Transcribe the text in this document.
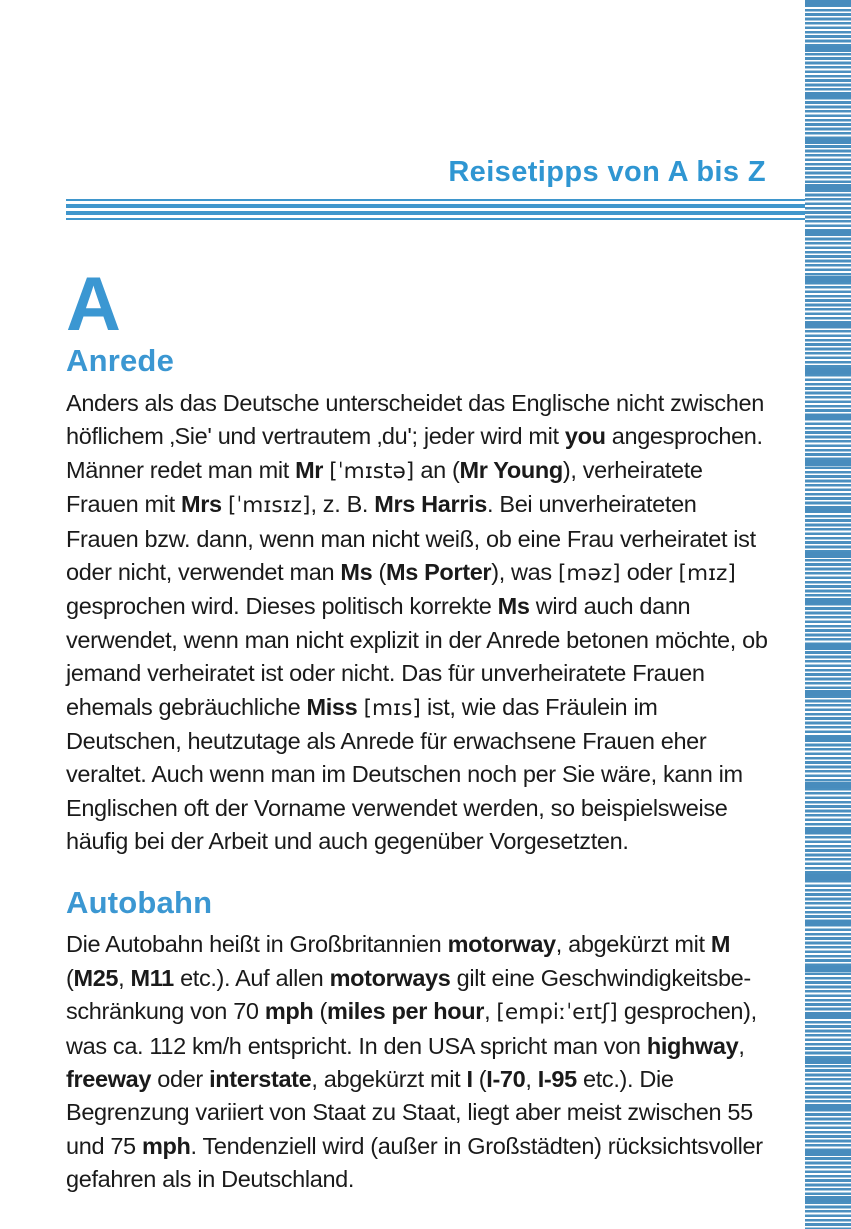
Reisetipps von A bis Z
A
Anrede

Anders als das Deutsche unterscheidet das Englische nicht zwischen höflichem ‚Sie' und vertrautem ‚du'; jeder wird mit you angesprochen. Männer redet man mit Mr [ˈmɪstə] an (Mr Young), verheiratete Frauen mit Mrs [ˈmɪsɪz], z. B. Mrs Harris. Bei unverheirateten Frauen bzw. dann, wenn man nicht weiß, ob eine Frau verheiratet ist oder nicht, verwendet man Ms (Ms Porter), was [məz] oder [mɪz] gesprochen wird. Dieses politisch korrekte Ms wird auch dann verwendet, wenn man nicht explizit in der Anrede betonen möchte, ob jemand verheiratet ist oder nicht. Das für unverheiratete Frauen ehemals gebräuchliche Miss [mɪs] ist, wie das Fräulein im Deutschen, heutzutage als Anrede für erwachsene Frauen eher veraltet. Auch wenn man im Deutschen noch per Sie wäre, kann im Englischen oft der Vorname verwendet werden, so beispielsweise häufig bei der Arbeit und auch gegenüber Vorgesetzten.

Autobahn

Die Autobahn heißt in Großbritannien motorway, abgekürzt mit M (M25, M11 etc.). Auf allen motorways gilt eine Geschwindigkeitsbeschränkung von 70 mph (miles per hour, [empiːˈeɪtʃ] gesprochen), was ca. 112 km/h entspricht. In den USA spricht man von highway, freeway oder interstate, abgekürzt mit I (I-70, I-95 etc.). Die Begrenzung variiert von Staat zu Staat, liegt aber meist zwischen 55 und 75 mph. Tendenziell wird (außer in Großstädten) rücksichtsvoller gefahren als in Deutschland.
